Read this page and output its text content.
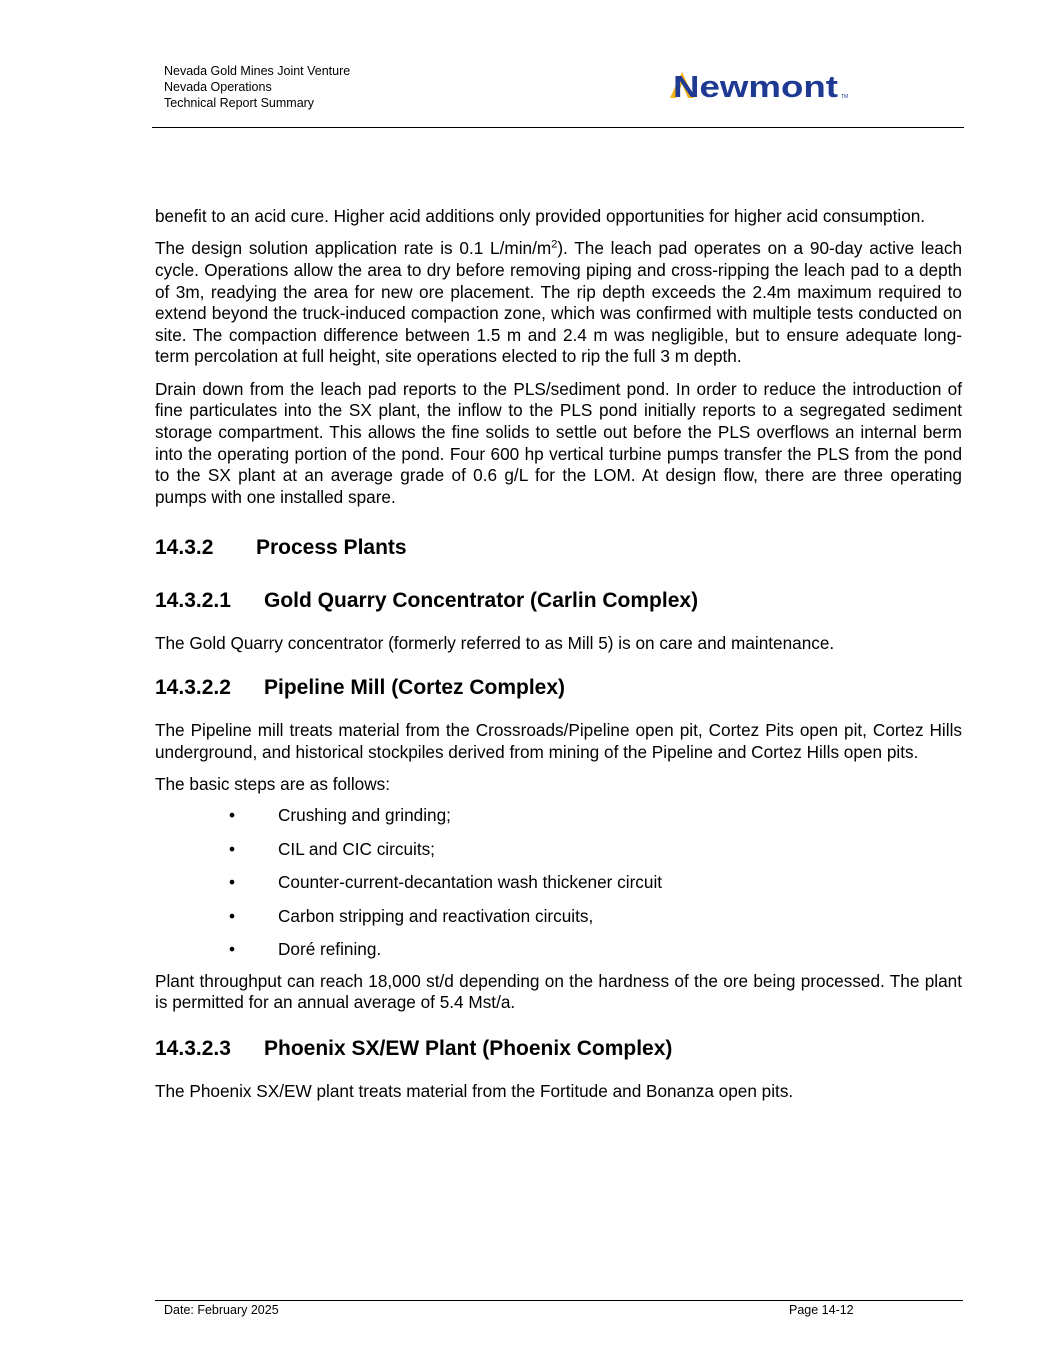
Nevada Gold Mines Joint Venture
Nevada Operations
Technical Report Summary	Newmont TM

benefit to an acid cure. Higher acid additions only provided opportunities for higher acid consumption.

The design solution application rate is 0.1 $L/\min/m^2$). The leach pad operates on a 90-day active leach cycle. Operations allow the area to dry before removing piping and cross-ripping the leach pad to a depth of 3m, readying the area for new ore placement. The rip depth exceeds the 2.4m maximum required to extend beyond the truck-induced compaction zone, which was confirmed with multiple tests conducted on site. The compaction difference between 1.5 m and 2.4 m was negligible, but to ensure adequate long-term percolation at full height, site operations elected to rip the full 3 m depth.

Drain down from the leach pad reports to the PLS/sediment pond. In order to reduce the introduction of fine particulates into the SX plant, the inflow to the PLS pond initially reports to a segregated sediment storage compartment. This allows the fine solids to settle out before the PLS overflows an internal berm into the operating portion of the pond. Four 600 hp vertical turbine pumps transfer the PLS from the pond to the SX plant at an average grade of 0.6 g/L for the LOM. At design flow, there are three operating pumps with one installed spare.

14.3.2	Process Plants
14.3.2.1	Gold Quarry Concentrator (Carlin Complex)

The Gold Quarry concentrator (formerly referred to as Mill 5) is on care and maintenance.

14.3.2.2	Pipeline Mill (Cortez Complex)

The Pipeline mill treats material from the Crossroads/Pipeline open pit, Cortez Pits open pit, Cortez Hills underground, and historical stockpiles derived from mining of the Pipeline and Cortez Hills open pits.

The basic steps are as follows:

• Crushing and grinding;
• CIL and CIC circuits;
• Counter-current-decantation wash thickener circuit
• Carbon stripping and reactivation circuits,
• Doré refining.

Plant throughput can reach 18,000 st/d depending on the hardness of the ore being processed. The plant is permitted for an annual average of 5.4 Mst/a.

14.3.2.3	Phoenix SX/EW Plant (Phoenix Complex)

The Phoenix SX/EW plant treats material from the Fortitude and Bonanza open pits.

Date: February 2025	Page 14-12
